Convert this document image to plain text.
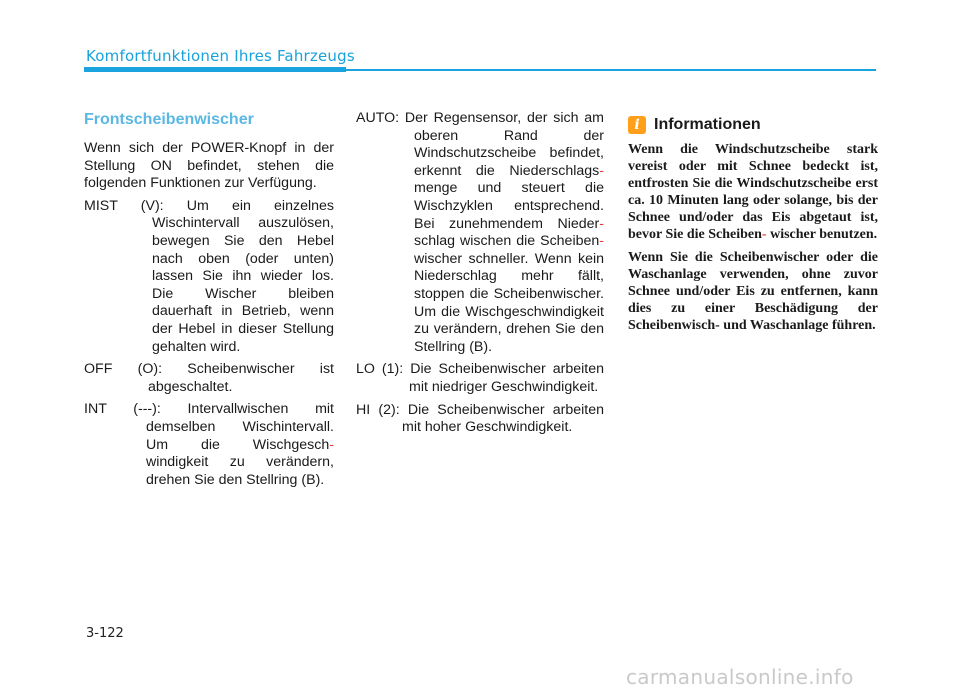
Komfortfunktionen Ihres Fahrzeugs
Frontscheibenwischer

Wenn sich der POWER-Knopf in der Stellung ON befindet, stehen die folgenden Funktionen zur Verfügung.

MIST (V): Um ein einzelnes Wischintervall auszulösen, bewegen Sie den Hebel nach oben (oder unten) lassen Sie ihn wieder los. Die Wischer bleiben dauerhaft in Betrieb, wenn der Hebel in dieser Stellung gehalten wird.

OFF (O): Scheibenwischer ist abgeschaltet.

INT (---): Intervallwischen mit demselben Wischintervall. Um die Wischgesch- windigkeit zu verändern, drehen Sie den Stellring (B).

AUTO: Der Regensensor, der sich am oberen Rand der Windschutzscheibe befindet, erkennt die Niederschlags- menge und steuert die Wischzyklen entsprechend. Bei zunehmendem Nieder- schlag wischen die Scheiben- wischer schneller. Wenn kein Niederschlag mehr fällt, stoppen die Scheibenwischer. Um die Wischgeschwindigkeit zu verändern, drehen Sie den Stellring (B).

LO (1): Die Scheibenwischer arbeiten mit niedriger Geschwindigkeit.

HI (2): Die Scheibenwischer arbeiten mit hoher Geschwindigkeit.

i Informationen

Wenn die Windschutzscheibe stark vereist oder mit Schnee bedeckt ist, entfrosten Sie die Windschutzscheibe erst ca. 10 Minuten lang oder solange, bis der Schnee und/oder das Eis abgetaut ist, bevor Sie die Scheiben- wischer benutzen.

Wenn Sie die Scheibenwischer oder die Waschanlage verwenden, ohne zuvor Schnee und/oder Eis zu entfernen, kann dies zu einer Beschädigung der Scheibenwisch- und Waschanlage führen.

3-122
carmanualsonline.info
